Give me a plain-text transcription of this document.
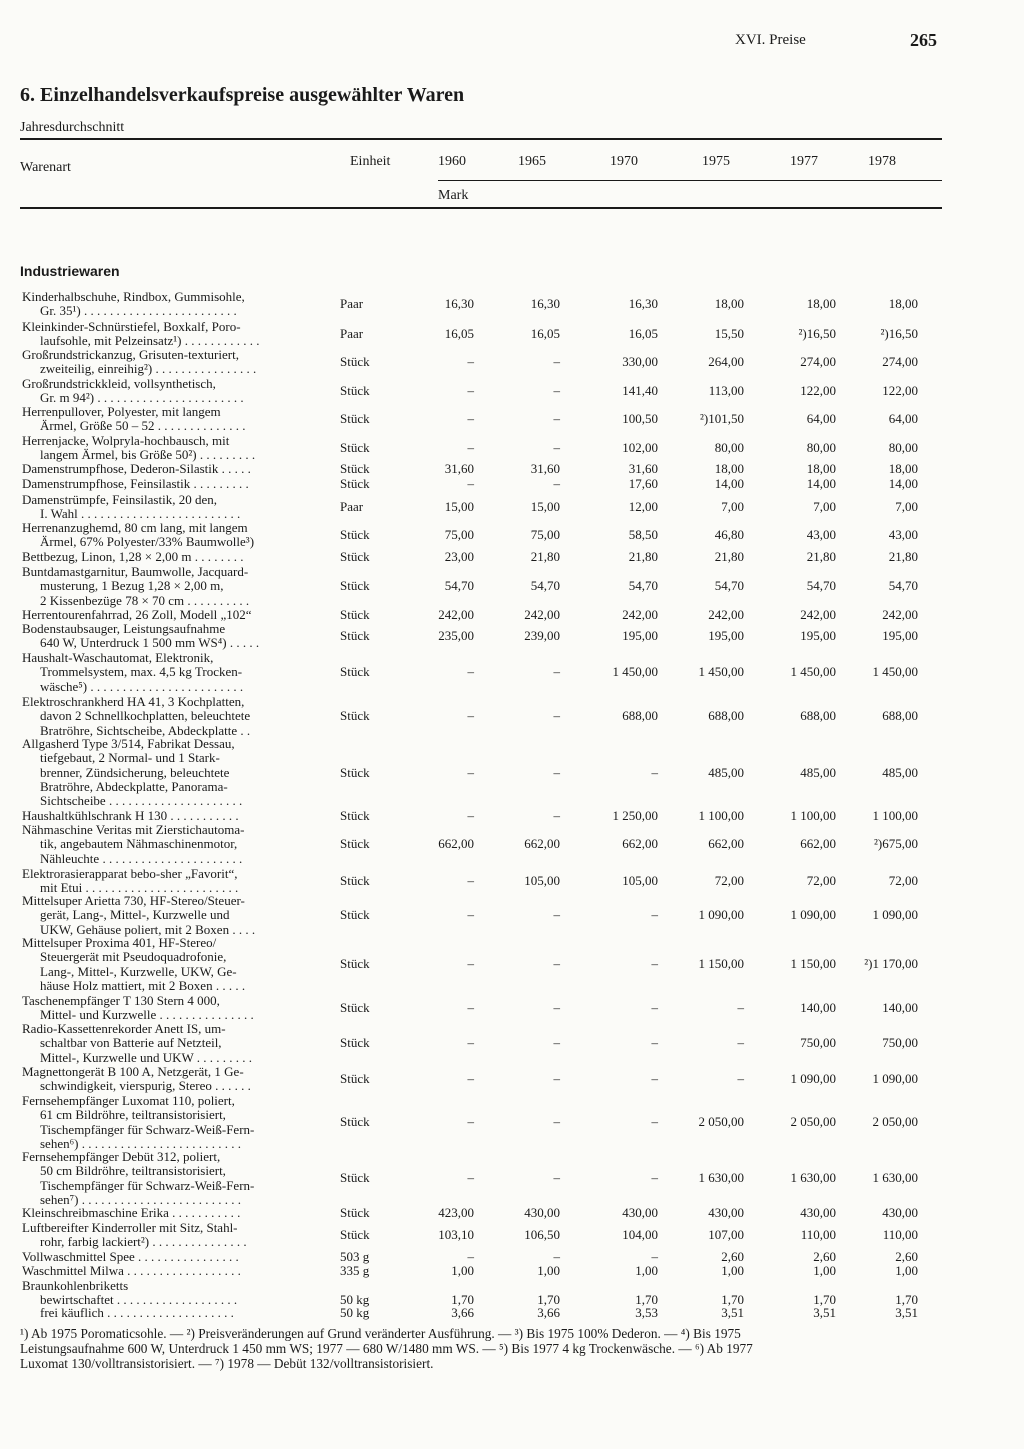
XVI. Preise	265
6. Einzelhandelsverkaufspreise ausgewählter Waren
Jahresdurchschnitt
Warenart	Einheit	1960	1965	1970	1975	1977	1978
Mark
Industriewaren
Kinderhalbschuhe, Rindbox, Gummisohle,
Gr. 35¹) . . . . . . . . . . . . . . . . . . . . . . . .	Paar	16,30	16,30	16,30	18,00	18,00	18,00
Kleinkinder-Schnürstiefel, Boxkalf, Poro-
laufsohle, mit Pelzeinsatz¹) . . . . . . . . . . . .	Paar	16,05	16,05	16,05	15,50	²)16,50	²)16,50
Großrundstrickanzug, Grisuten-texturiert,
zweiteilig, einreihig²) . . . . . . . . . . . . . . . .	Stück	–	–	330,00	264,00	274,00	274,00
Großrundstrickkleid, vollsynthetisch,
Gr. m 94²) . . . . . . . . . . . . . . . . . . . . . . .	Stück	–	–	141,40	113,00	122,00	122,00
Herrenpullover, Polyester, mit langem
Ärmel, Größe 50 – 52 . . . . . . . . . . . . . .	Stück	–	–	100,50	²)101,50	64,00	64,00
Herrenjacke, Wolpryla-hochbausch, mit
langem Ärmel, bis Größe 50²) . . . . . . . . .	Stück	–	–	102,00	80,00	80,00	80,00
Damenstrumpfhose, Dederon-Silastik . . . . .	Stück	31,60	31,60	31,60	18,00	18,00	18,00
Damenstrumpfhose, Feinsilastik . . . . . . . . .	Stück	–	–	17,60	14,00	14,00	14,00
Damenstrümpfe, Feinsilastik, 20 den,
I. Wahl . . . . . . . . . . . . . . . . . . . . . . . . .	Paar	15,00	15,00	12,00	7,00	7,00	7,00
Herrenanzughemd, 80 cm lang, mit langem
Ärmel, 67% Polyester/33% Baumwolle³)	Stück	75,00	75,00	58,50	46,80	43,00	43,00
Bettbezug, Linon, 1,28 × 2,00 m . . . . . . . .	Stück	23,00	21,80	21,80	21,80	21,80	21,80
Buntdamastgarnitur, Baumwolle, Jacquard-
musterung, 1 Bezug 1,28 × 2,00 m,
2 Kissenbezüge 78 × 70 cm . . . . . . . . . .
Stück	54,70	54,70	54,70	54,70	54,70	54,70
Herrentourenfahrrad, 26 Zoll, Modell „102“	Stück	242,00	242,00	242,00	242,00	242,00	242,00
Bodenstaubsauger, Leistungsaufnahme
640 W, Unterdruck 1 500 mm WS⁴) . . . . .	Stück	235,00	239,00	195,00	195,00	195,00	195,00
Haushalt-Waschautomat, Elektronik,
Trommelsystem, max. 4,5 kg Trocken-
wäsche⁵) . . . . . . . . . . . . . . . . . . . . . . . .
Stück	–	–	1 450,00	1 450,00	1 450,00	1 450,00
Elektroschrankherd HA 41, 3 Kochplatten,
davon 2 Schnellkochplatten, beleuchtete
Bratröhre, Sichtscheibe, Abdeckplatte . .
Stück	–	–	688,00	688,00	688,00	688,00
Allgasherd Type 3/514, Fabrikat Dessau,
tiefgebaut, 2 Normal- und 1 Stark-
brenner, Zündsicherung, beleuchtete
Bratröhre, Abdeckplatte, Panorama-
Sichtscheibe . . . . . . . . . . . . . . . . . . . . .
Stück	–	–	–	485,00	485,00	485,00
Haushaltkühlschrank H 130 . . . . . . . . . . .	Stück	–	–	1 250,00	1 100,00	1 100,00	1 100,00
Nähmaschine Veritas mit Zierstichautoma-
tik, angebautem Nähmaschinenmotor,
Nähleuchte . . . . . . . . . . . . . . . . . . . . . .
Stück	662,00	662,00	662,00	662,00	662,00	²)675,00
Elektrorasierapparat bebo-sher „Favorit“,
mit Etui . . . . . . . . . . . . . . . . . . . . . . . .	Stück	–	105,00	105,00	72,00	72,00	72,00
Mittelsuper Arietta 730, HF-Stereo/Steuer-
gerät, Lang-, Mittel-, Kurzwelle und
UKW, Gehäuse poliert, mit 2 Boxen . . . .
Stück	–	–	–	1 090,00	1 090,00	1 090,00
Mittelsuper Proxima 401, HF-Stereo/
Steuergerät mit Pseudoquadrofonie,
Lang-, Mittel-, Kurzwelle, UKW, Ge-
häuse Holz mattiert, mit 2 Boxen . . . . .
Stück	–	–	–	1 150,00	1 150,00	²)1 170,00
Taschenempfänger T 130 Stern 4 000,
Mittel- und Kurzwelle . . . . . . . . . . . . . . .	Stück	–	–	–	–	140,00	140,00
Radio-Kassettenrekorder Anett IS, um-
schaltbar von Batterie auf Netzteil,
Mittel-, Kurzwelle und UKW . . . . . . . . .
Stück	–	–	–	–	750,00	750,00
Magnettongerät B 100 A, Netzgerät, 1 Ge-
schwindigkeit, vierspurig, Stereo . . . . . .	Stück	–	–	–	–	1 090,00	1 090,00
Fernsehempfänger Luxomat 110, poliert,
61 cm Bildröhre, teiltransistorisiert,
Tischempfänger für Schwarz-Weiß-Fern-
sehen⁶) . . . . . . . . . . . . . . . . . . . . . . . . .
Stück	–	–	–	2 050,00	2 050,00	2 050,00
Fernsehempfänger Debüt 312, poliert,
50 cm Bildröhre, teiltransistorisiert,
Tischempfänger für Schwarz-Weiß-Fern-
sehen⁷) . . . . . . . . . . . . . . . . . . . . . . . . .
Stück	–	–	–	1 630,00	1 630,00	1 630,00
Kleinschreibmaschine Erika . . . . . . . . . . .	Stück	423,00	430,00	430,00	430,00	430,00	430,00
Luftbereifter Kinderroller mit Sitz, Stahl-
rohr, farbig lackiert²) . . . . . . . . . . . . . . .	Stück	103,10	106,50	104,00	107,00	110,00	110,00
Vollwaschmittel Spee . . . . . . . . . . . . . . . .	503 g	–	–	–	2,60	2,60	2,60
Waschmittel Milwa . . . . . . . . . . . . . . . . . .	335 g	1,00	1,00	1,00	1,00	1,00	1,00
Braunkohlenbriketts
bewirtschaftet . . . . . . . . . . . . . . . . . . .	50 kg	1,70	1,70	1,70	1,70	1,70	1,70
frei käuflich . . . . . . . . . . . . . . . . . . . .	50 kg	3,66	3,66	3,53	3,51	3,51	3,51
¹) Ab 1975 Poromaticsohle. — ²) Preisveränderungen auf Grund veränderter Ausführung. — ³) Bis 1975 100% Dederon. — ⁴) Bis 1975
Leistungsaufnahme 600 W, Unterdruck 1 450 mm WS; 1977 — 680 W/1480 mm WS. — ⁵) Bis 1977 4 kg Trockenwäsche. — ⁶) Ab 1977
Luxomat 130/volltransistorisiert. — ⁷) 1978 — Debüt 132/volltransistorisiert.
